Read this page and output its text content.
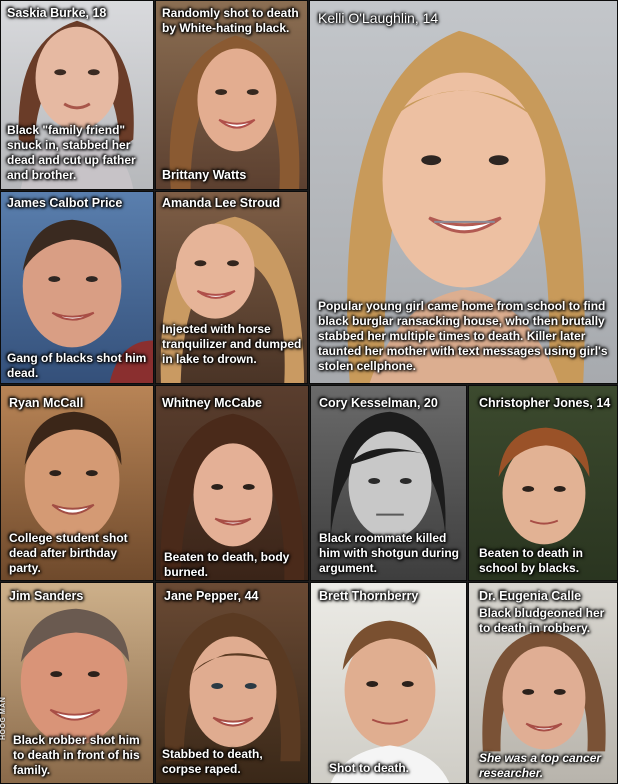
Saskia Burke, 18

Black "family friend" snuck in, stabbed her dead and cut up father and brother.

Randomly shot to death by White-hating black.

Brittany Watts

Kelli O'Laughlin, 14

Popular young girl came home from school to find black burglar ransacking house, who then brutally stabbed her multiple times to death. Killer later taunted her mother with text messages using girl's stolen cellphone.

James Calbot Price

Gang of blacks shot him dead.

Amanda Lee Stroud

Injected with horse tranquilizer and dumped in lake to drown.

Ryan McCall

College student shot dead after birthday party.

Whitney McCabe

Beaten to death, body burned.

Cory Kesselman, 20

Black roommate killed him with shotgun during argument.

Christopher Jones, 14

Beaten to death in school by blacks.

Jim Sanders

Black robber shot him to death in front of his family.

Jane Pepper, 44

Stabbed to death, corpse raped.

Brett Thornberry

Shot to death.

Dr. Eugenia Calle

Black bludgeoned her to death in robbery.

She was a top cancer researcher.

HOOG MAN
